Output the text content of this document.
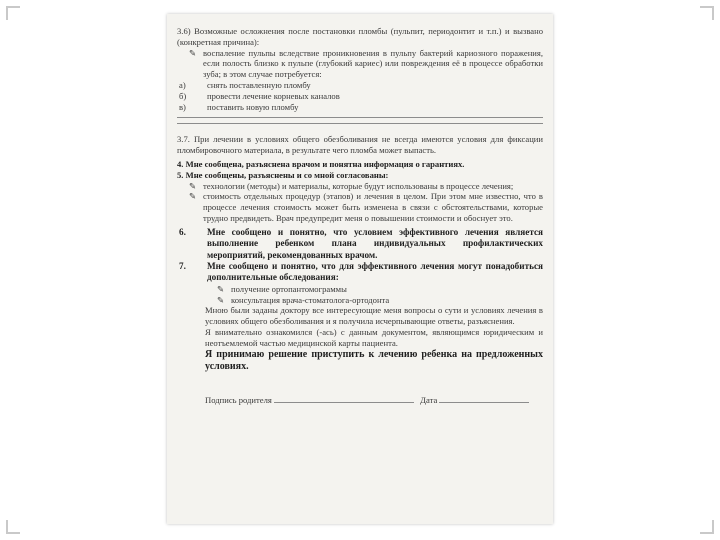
3.6) Возможные осложнения после постановки пломбы (пульпит, периодонтит и т.п.) и вызвано (конкретная причина):

✎ воспаление пульпы вследствие проникновения в пульпу бактерий кариозного поражения, если полость близко к пульпе (глубокий кариес) или повреждения её в процессе обработки зуба; в этом случае потребуется:
а)	снять поставленную пломбу
б)	провести лечение корневых каналов
в)	поставить новую пломбу

3.7. При лечении в условиях общего обезболивания не всегда имеются условия для фиксации пломбировочного материала, в результате чего пломба может выпасть.

4. Мне сообщена, разъяснена врачом и понятна информация о гарантиях.

5. Мне сообщены, разъяснены и со мной согласованы:

✎ технологии (методы) и материалы, которые будут использованы в процессе лечения;
✎ стоимость отдельных процедур (этапов) и лечения в целом. При этом мне известно, что в процессе лечения стоимость может быть изменена в связи с обстоятельствами, которые трудно предвидеть. Врач предупредит меня о повышении стоимости и обоснует это.
6.	Мне сообщено и понятно, что условием эффективного лечения является выполнение ребенком плана индивидуальных профилактических мероприятий, рекомендованных врачом.
7.	Мне сообщено и понятно, что для эффективного лечения могут понадобиться дополнительные обследования:
✎ получение ортопантомограммы
✎ консультация врача-стоматолога-ортодонта

Мною были заданы доктору все интересующие меня вопросы о сути и условиях лечения в условиях общего обезболивания и я получила исчерпывающие ответы, разъяснения.

Я внимательно ознакомился (-ась) с данным документом, являющимся юридическим и неотъемлемой частью медицинской карты пациента.

Я принимаю решение приступить к лечению ребенка на предложенных условиях.

Подпись родителя	Дата
